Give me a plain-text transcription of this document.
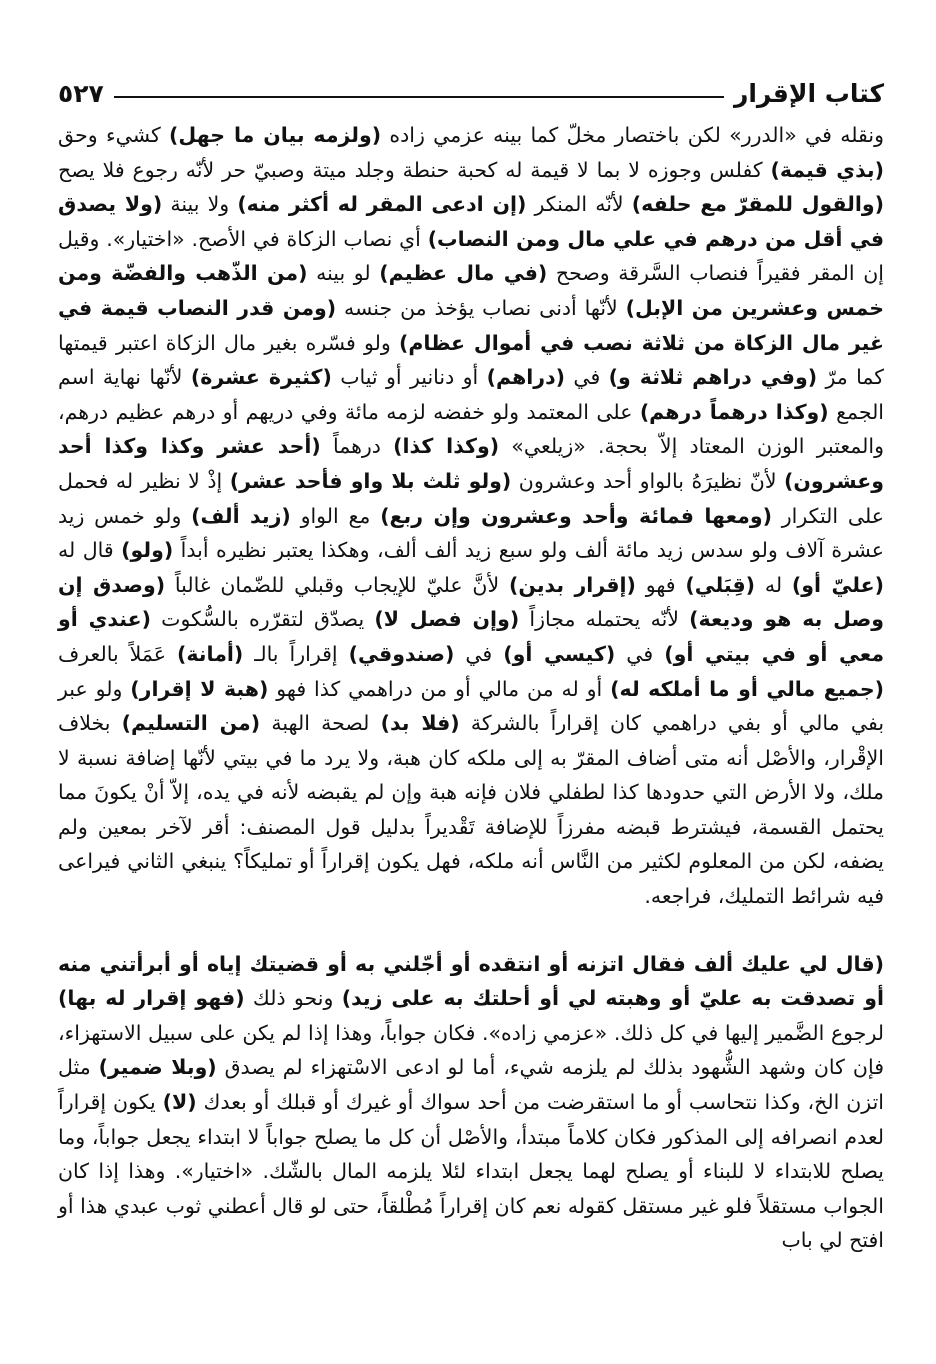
كتاب الإقرار
٥٢٧

ونقله في «الدرر» لكن باختصار مخلّ كما بينه عزمي زاده (ولزمه بيان ما جهل) كشيء وحق (بذي قيمة) كفلس وجوزه لا بما لا قيمة له كحبة حنطة وجلد ميتة وصبيّ حر لأنّه رجوع فلا يصح (والقول للمقرّ مع حلفه) لأنّه المنكر (إن ادعى المقر له أكثر منه) ولا بينة (ولا يصدق في أقل من درهم في علي مال ومن النصاب) أي نصاب الزكاة في الأصح. «اختيار». وقيل إن المقر فقيراً فنصاب السَّرقة وصحح (في مال عظيم) لو بينه (من الذّهب والفضّة ومن خمس وعشرين من الإبل) لأنّها أدنى نصاب يؤخذ من جنسه (ومن قدر النصاب قيمة في غير مال الزكاة من ثلاثة نصب في أموال عظام) ولو فسّره بغير مال الزكاة اعتبر قيمتها كما مرّ (وفي دراهم ثلاثة و) في (دراهم) أو دنانير أو ثياب (كثيرة عشرة) لأنّها نهاية اسم الجمع (وكذا درهماً درهم) على المعتمد ولو خفضه لزمه مائة وفي دريهم أو درهم عظيم درهم، والمعتبر الوزن المعتاد إلاّ بحجة. «زيلعي» (وكذا كذا) درهماً (أحد عشر وكذا وكذا أحد وعشرون) لأنّ نظيرَهُ بالواو أحد وعشرون (ولو ثلث بلا واو فأحد عشر) إذْ لا نظير له فحمل على التكرار (ومعها فمائة وأحد وعشرون وإن ربع) مع الواو (زيد ألف) ولو خمس زيد عشرة آلاف ولو سدس زيد مائة ألف ولو سبع زيد ألف ألف، وهكذا يعتبر نظيره أبداً (ولو) قال له (عليّ أو) له (قِبَلي) فهو (إقرار بدين) لأنَّ عليّ للإيجاب وقبلي للضّمان غالباً (وصدق إن وصل به هو وديعة) لأنّه يحتمله مجازاً (وإن فصل لا) يصدّق لتقرّره بالسُّكوت (عندي أو معي أو في بيتي أو) في (كيسي أو) في (صندوقي) إقراراً بالـ (أمانة) عَمَلاً بالعرف (جميع مالي أو ما أملكه له) أو له من مالي أو من دراهمي كذا فهو (هبة لا إقرار) ولو عبر بفي مالي أو بفي دراهمي كان إقراراً بالشركة (فلا بد) لصحة الهبة (من التسليم) بخلاف الإقْرار، والأصْل أنه متى أضاف المقرّ به إلى ملكه كان هبة، ولا يرد ما في بيتي لأنّها إضافة نسبة لا ملك، ولا الأرض التي حدودها كذا لطفلي فلان فإنه هبة وإن لم يقبضه لأنه في يده، إلاّ أنْ يكونَ مما يحتمل القسمة، فيشترط قبضه مفرزاً للإضافة تَقْديراً بدليل قول المصنف: أقر لآخر بمعين ولم يضفه، لكن من المعلوم لكثير من النَّاس أنه ملكه، فهل يكون إقراراً أو تمليكاً؟ ينبغي الثاني فيراعى فيه شرائط التمليك، فراجعه.

(قال لي عليك ألف فقال اتزنه أو انتقده أو أجّلني به أو قضيتك إياه أو أبرأتني منه أو تصدقت به عليّ أو وهبته لي أو أحلتك به على زيد) ونحو ذلك (فهو إقرار له بها) لرجوع الضَّمير إليها في كل ذلك. «عزمي زاده». فكان جواباً، وهذا إذا لم يكن على سبيل الاستهزاء، فإن كان وشهد الشُّهود بذلك لم يلزمه شيء، أما لو ادعى الاسْتهزاء لم يصدق (وبلا ضمير) مثل اتزن الخ، وكذا نتحاسب أو ما استقرضت من أحد سواك أو غيرك أو قبلك أو بعدك (لا) يكون إقراراً لعدم انصرافه إلى المذكور فكان كلاماً مبتدأ، والأصْل أن كل ما يصلح جواباً لا ابتداء يجعل جواباً، وما يصلح للابتداء لا للبناء أو يصلح لهما يجعل ابتداء لئلا يلزمه المال بالشّك. «اختيار». وهذا إذا كان الجواب مستقلاً فلو غير مستقل كقوله نعم كان إقراراً مُطْلقاً، حتى لو قال أعطني ثوب عبدي هذا أو افتح لي باب
